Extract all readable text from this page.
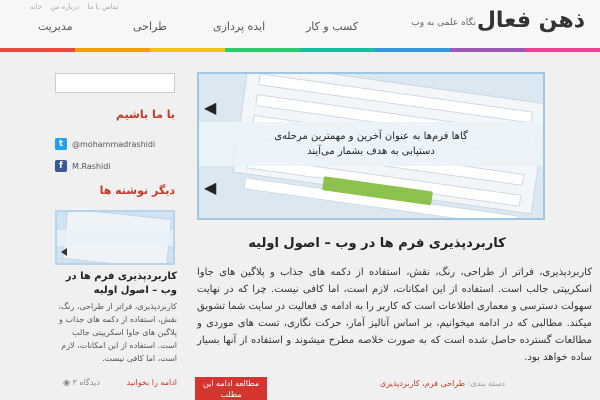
تماس با ما درباره من خانه
ذهن فعال
نگاه علمی به وب
کسب و کار
ایده پردازی
طراحی
مدیریت
با ما باشیم
t	@mohammadrashidi
f	M.Rashidi
دیگر نوشته ها
کاربردپذیری فرم ها در وب – اصول اولیه
کاربردپذیری، فراتر از طراحی، رنگ، نقش، استفاده از دکمه های جذاب و پلاگین های جاوا اسکریپتی جالب است. استفاده از این امکانات، لازم است، اما کافی نیست.
ادامه را بخوانید
◉ ۳ دیدگاه
◀
◀
گاها فرم‌ها به عنوان آخرین و مهمترین مرحله‌ی
دستیابی به هدف بشمار می‌آیند
کاربردپذیری فرم ها در وب – اصول اولیه
کاربردپذیری، فراتر از طراحی، رنگ، نقش، استفاده از دکمه های جذاب و پلاگین های جاوا اسکریپتی جالب است. استفاده از این امکانات، لازم است، اما کافی نیست. چرا که در نهایت سهولت دسترسی و معماری اطلاعات است که کاربر را به ادامه ی فعالیت در سایت شما تشویق میکند. مطالبی که در ادامه میخوانیم، بر اساس آنالیز آمار، حرکت نگاری، تست های موردی و مطالعات گسترده حاصل شده است که به صورت خلاصه مطرح میشوند و استفاده از آنها بسیار ساده خواهد بود.
دسته بندی: طراحی فرم، کاربردپذیری
مطالعه ادامه این مطلب
